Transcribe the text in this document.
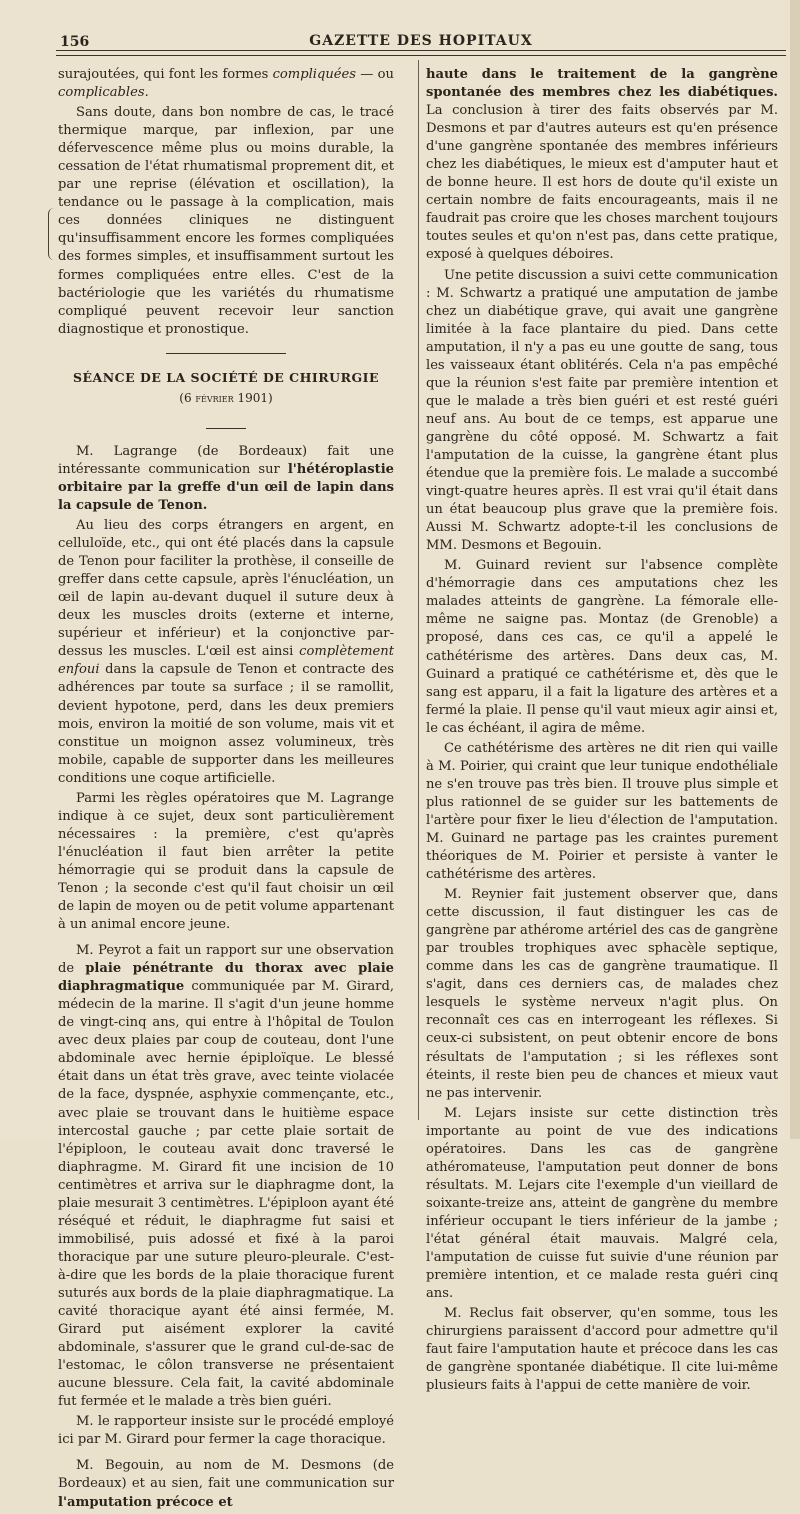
156	GAZETTE DES HOPITAUX

surajoutées, qui font les formes compliquées — ou complicables.

Sans doute, dans bon nombre de cas, le tracé thermique marque, par inflexion, par une défervescence même plus ou moins durable, la cessation de l'état rhumatismal proprement dit, et par une reprise (élévation et oscillation), la tendance ou le passage à la complication, mais ces données cliniques ne distinguent qu'insuffisamment encore les formes compliquées des formes simples, et insuffisamment surtout les formes compliquées entre elles. C'est de la bactériologie que les variétés du rhumatisme compliqué peuvent recevoir leur sanction diagnostique et pronostique.

SÉANCE DE LA SOCIÉTÉ DE CHIRURGIE
(6 février 1901)

M. Lagrange (de Bordeaux) fait une intéressante communication sur l'hétéroplastie orbitaire par la greffe d'un œil de lapin dans la capsule de Tenon.

Au lieu des corps étrangers en argent, en celluloïde, etc., qui ont été placés dans la capsule de Tenon pour faciliter la prothèse, il conseille de greffer dans cette capsule, après l'énucléation, un œil de lapin au-devant duquel il suture deux à deux les muscles droits (externe et interne, supérieur et inférieur) et la conjonctive par-dessus les muscles. L'œil est ainsi complètement enfoui dans la capsule de Tenon et contracte des adhérences par toute sa surface ; il se ramollit, devient hypotone, perd, dans les deux premiers mois, environ la moitié de son volume, mais vit et constitue un moignon assez volumineux, très mobile, capable de supporter dans les meilleures conditions une coque artificielle.

Parmi les règles opératoires que M. Lagrange indique à ce sujet, deux sont particulièrement nécessaires : la première, c'est qu'après l'énucléation il faut bien arrêter la petite hémorragie qui se produit dans la capsule de Tenon ; la seconde c'est qu'il faut choisir un œil de lapin de moyen ou de petit volume appartenant à un animal encore jeune.

M. Peyrot a fait un rapport sur une observation de plaie pénétrante du thorax avec plaie diaphragmatique communiquée par M. Girard, médecin de la marine. Il s'agit d'un jeune homme de vingt-cinq ans, qui entre à l'hôpital de Toulon avec deux plaies par coup de couteau, dont l'une abdominale avec hernie épiploïque. Le blessé était dans un état très grave, avec teinte violacée de la face, dyspnée, asphyxie commençante, etc., avec plaie se trouvant dans le huitième espace intercostal gauche ; par cette plaie sortait de l'épiploon, le couteau avait donc traversé le diaphragme. M. Girard fit une incision de 10 centimètres et arriva sur le diaphragme dont, la plaie mesurait 3 centimètres. L'épiploon ayant été réséqué et réduit, le diaphragme fut saisi et immobilisé, puis adossé et fixé à la paroi thoracique par une suture pleuro-pleurale. C'est-à-dire que les bords de la plaie thoracique furent suturés aux bords de la plaie diaphragmatique. La cavité thoracique ayant été ainsi fermée, M. Girard put aisément explorer la cavité abdominale, s'assurer que le grand cul-de-sac de l'estomac, le côlon transverse ne présentaient aucune blessure. Cela fait, la cavité abdominale fut fermée et le malade a très bien guéri.

M. le rapporteur insiste sur le procédé employé ici par M. Girard pour fermer la cage thoracique.

M. Begouin, au nom de M. Desmons (de Bordeaux) et au sien, fait une communication sur l'amputation précoce et

haute dans le traitement de la gangrène spontanée des membres chez les diabétiques. La conclusion à tirer des faits observés par M. Desmons et par d'autres auteurs est qu'en présence d'une gangrène spontanée des membres inférieurs chez les diabétiques, le mieux est d'amputer haut et de bonne heure. Il est hors de doute qu'il existe un certain nombre de faits encourageants, mais il ne faudrait pas croire que les choses marchent toujours toutes seules et qu'on n'est pas, dans cette pratique, exposé à quelques déboires.

Une petite discussion a suivi cette communication : M. Schwartz a pratiqué une amputation de jambe chez un diabétique grave, qui avait une gangrène limitée à la face plantaire du pied. Dans cette amputation, il n'y a pas eu une goutte de sang, tous les vaisseaux étant oblitérés. Cela n'a pas empêché que la réunion s'est faite par première intention et que le malade a très bien guéri et est resté guéri neuf ans. Au bout de ce temps, est apparue une gangrène du côté opposé. M. Schwartz a fait l'amputation de la cuisse, la gangrène étant plus étendue que la première fois. Le malade a succombé vingt-quatre heures après. Il est vrai qu'il était dans un état beaucoup plus grave que la première fois. Aussi M. Schwartz adopte-t-il les conclusions de MM. Desmons et Begouin.

M. Guinard revient sur l'absence complète d'hémorragie dans ces amputations chez les malades atteints de gangrène. La fémorale elle-même ne saigne pas. Montaz (de Grenoble) a proposé, dans ces cas, ce qu'il a appelé le cathétérisme des artères. Dans deux cas, M. Guinard a pratiqué ce cathétérisme et, dès que le sang est apparu, il a fait la ligature des artères et a fermé la plaie. Il pense qu'il vaut mieux agir ainsi et, le cas échéant, il agira de même.

Ce cathétérisme des artères ne dit rien qui vaille à M. Poirier, qui craint que leur tunique endothéliale ne s'en trouve pas très bien. Il trouve plus simple et plus rationnel de se guider sur les battements de l'artère pour fixer le lieu d'élection de l'amputation. M. Guinard ne partage pas les craintes purement théoriques de M. Poirier et persiste à vanter le cathétérisme des artères.

M. Reynier fait justement observer que, dans cette discussion, il faut distinguer les cas de gangrène par athérome artériel des cas de gangrène par troubles trophiques avec sphacèle septique, comme dans les cas de gangrène traumatique. Il s'agit, dans ces derniers cas, de malades chez lesquels le système nerveux n'agit plus. On reconnaît ces cas en interrogeant les réflexes. Si ceux-ci subsistent, on peut obtenir encore de bons résultats de l'amputation ; si les réflexes sont éteints, il reste bien peu de chances et mieux vaut ne pas intervenir.

M. Lejars insiste sur cette distinction très importante au point de vue des indications opératoires. Dans les cas de gangrène athéromateuse, l'amputation peut donner de bons résultats. M. Lejars cite l'exemple d'un vieillard de soixante-treize ans, atteint de gangrène du membre inférieur occupant le tiers inférieur de la jambe ; l'état général était mauvais. Malgré cela, l'amputation de cuisse fut suivie d'une réunion par première intention, et ce malade resta guéri cinq ans.

M. Reclus fait observer, qu'en somme, tous les chirurgiens paraissent d'accord pour admettre qu'il faut faire l'amputation haute et précoce dans les cas de gangrène spontanée diabétique. Il cite lui-même plusieurs faits à l'appui de cette manière de voir.
